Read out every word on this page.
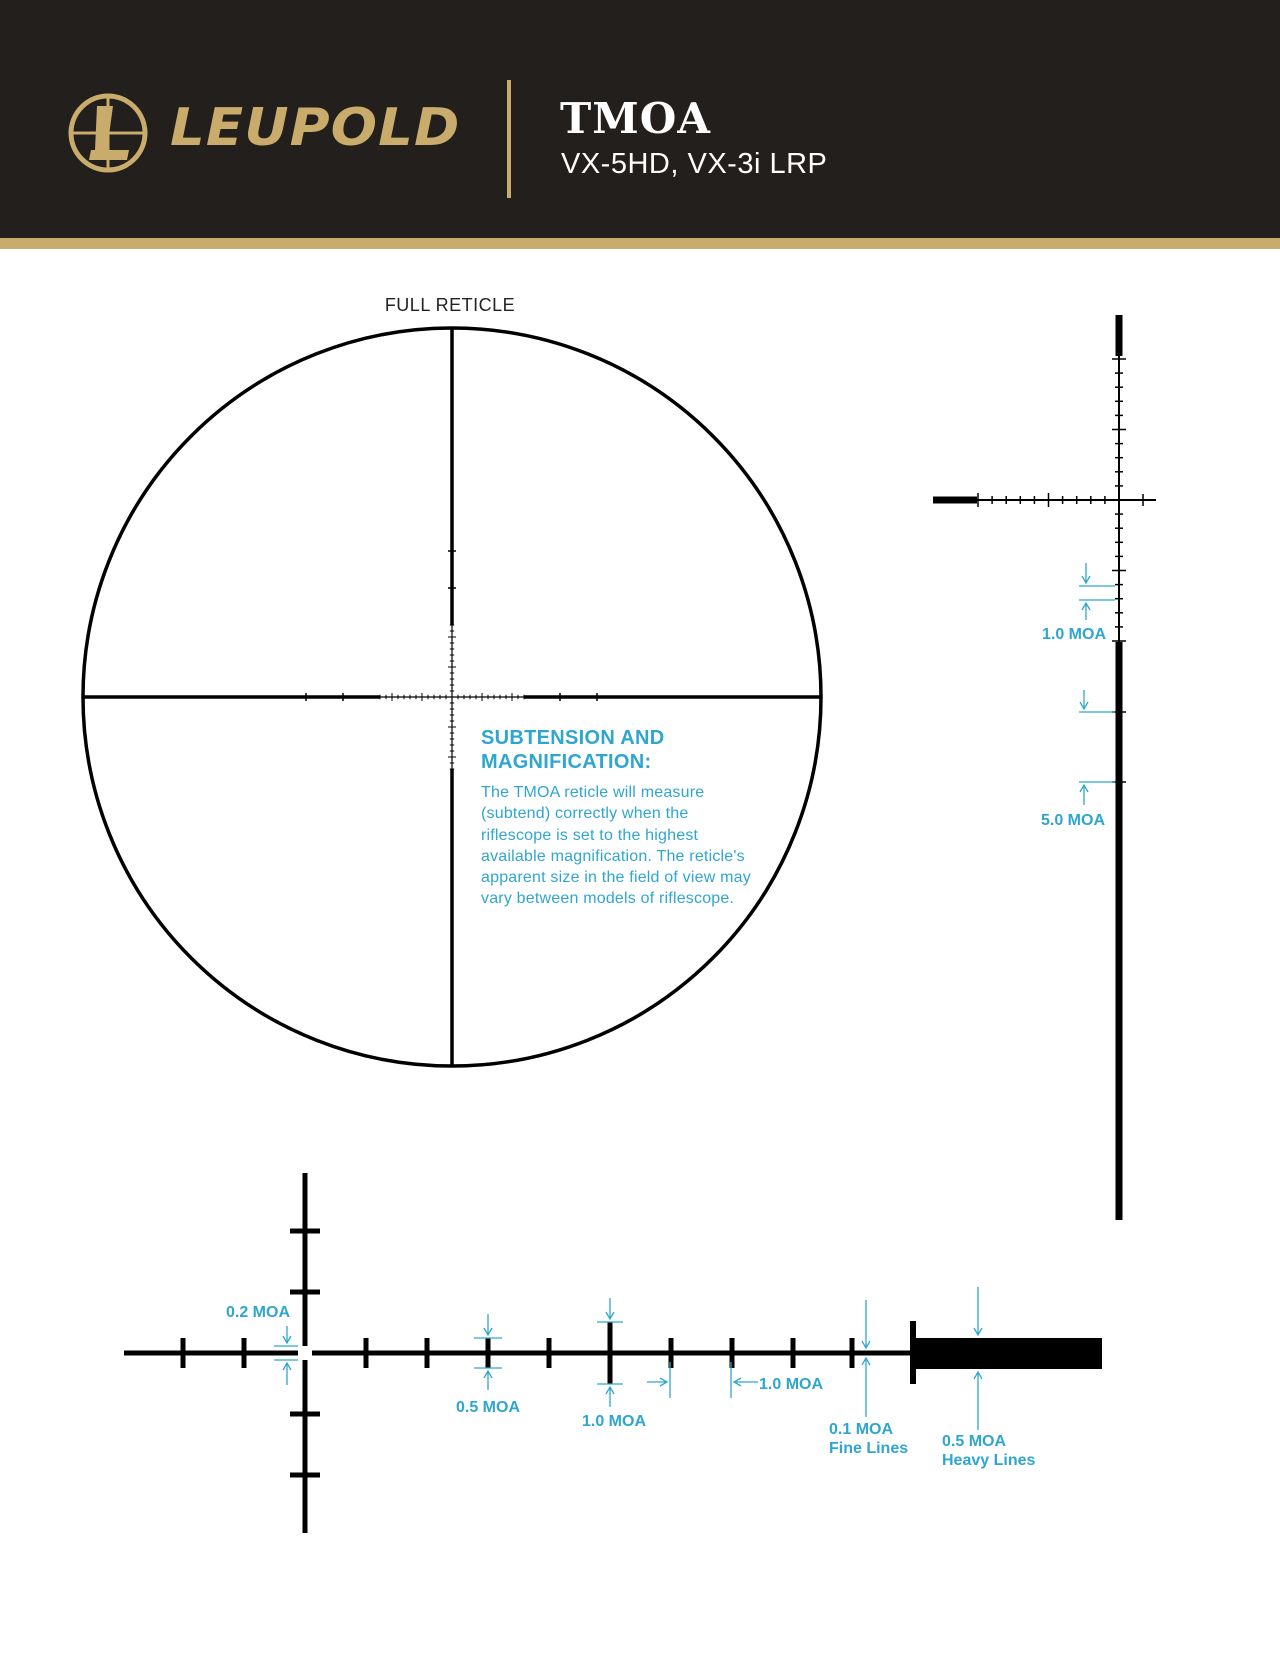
LEUPOLD TMOA
VX-5HD, VX-3i LRP
FULL RETICLE
1.0 MOA
5.0 MOA
0.2 MOA
0.5 MOA
1.0 MOA
1.0 MOA
0.1 MOA Fine Lines 0.5 MOA Heavy Lines
SUBTENSION AND MAGNIFICATION:
The TMOA reticle will measure (subtend) correctly when the riflescope is set to the highest available magnification. The reticle's apparent size in the field of view may vary between models of riflescope.
